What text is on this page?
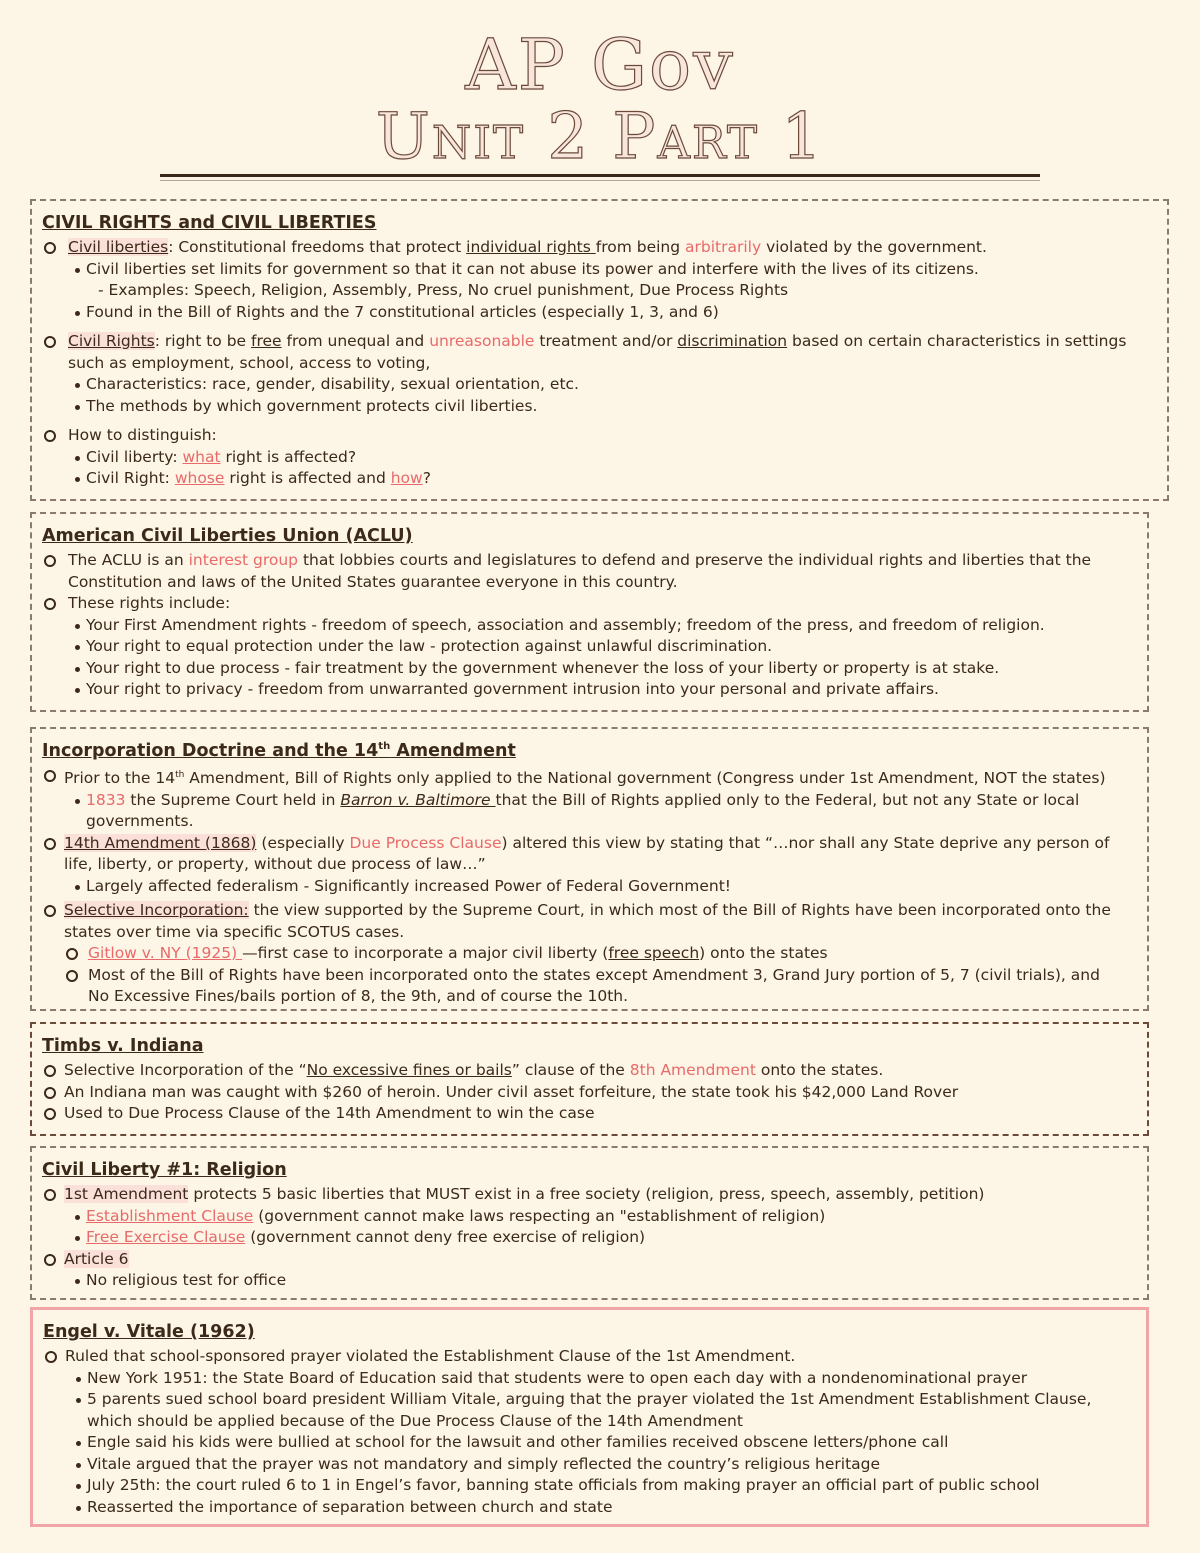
AP Gov
Unit 2 Part 1
CIVIL RIGHTS and CIVIL LIBERTIES
Civil liberties: Constitutional freedoms that protect individual rights from being arbitrarily violated by the government.
Civil liberties set limits for government so that it can not abuse its power and interfere with the lives of its citizens.
- Examples: Speech, Religion, Assembly, Press, No cruel punishment, Due Process Rights
Found in the Bill of Rights and the 7 constitutional articles (especially 1, 3, and 6)
Civil Rights: right to be free from unequal and unreasonable treatment and/or discrimination based on certain characteristics in settings
such as employment, school, access to voting,
Characteristics: race, gender, disability, sexual orientation, etc.
The methods by which government protects civil liberties.
How to distinguish:
Civil liberty: what right is affected?
Civil Right: whose right is affected and how?
American Civil Liberties Union (ACLU)
The ACLU is an interest group that lobbies courts and legislatures to defend and preserve the individual rights and liberties that the
Constitution and laws of the United States guarantee everyone in this country.
These rights include:
Your First Amendment rights - freedom of speech, association and assembly; freedom of the press, and freedom of religion.
Your right to equal protection under the law - protection against unlawful discrimination.
Your right to due process - fair treatment by the government whenever the loss of your liberty or property is at stake.
Your right to privacy - freedom from unwarranted government intrusion into your personal and private affairs.
Incorporation Doctrine and the 14th Amendment
Prior to the 14th Amendment, Bill of Rights only applied to the National government (Congress under 1st Amendment, NOT the states)
1833 the Supreme Court held in Barron v. Baltimore that the Bill of Rights applied only to the Federal, but not any State or local
governments.
14th Amendment (1868) (especially Due Process Clause) altered this view by stating that “…nor shall any State deprive any person of
life, liberty, or property, without due process of law…”
Largely affected federalism - Significantly increased Power of Federal Government!
Selective Incorporation: the view supported by the Supreme Court, in which most of the Bill of Rights have been incorporated onto the
states over time via specific SCOTUS cases.
Gitlow v. NY (1925) —first case to incorporate a major civil liberty (free speech) onto the states
Most of the Bill of Rights have been incorporated onto the states except Amendment 3, Grand Jury portion of 5, 7 (civil trials), and
No Excessive Fines/bails portion of 8, the 9th, and of course the 10th.
Timbs v. Indiana
Selective Incorporation of the “No excessive fines or bails” clause of the 8th Amendment onto the states.
An Indiana man was caught with $260 of heroin. Under civil asset forfeiture, the state took his $42,000 Land Rover
Used to Due Process Clause of the 14th Amendment to win the case
Civil Liberty #1: Religion
1st Amendment protects 5 basic liberties that MUST exist in a free society (religion, press, speech, assembly, petition)
Establishment Clause (government cannot make laws respecting an "establishment of religion)
Free Exercise Clause (government cannot deny free exercise of religion)
Article 6
No religious test for office
Engel v. Vitale (1962)
Ruled that school-sponsored prayer violated the Establishment Clause of the 1st Amendment.
New York 1951: the State Board of Education said that students were to open each day with a nondenominational prayer
5 parents sued school board president William Vitale, arguing that the prayer violated the 1st Amendment Establishment Clause,
which should be applied because of the Due Process Clause of the 14th Amendment
Engle said his kids were bullied at school for the lawsuit and other families received obscene letters/phone call
Vitale argued that the prayer was not mandatory and simply reflected the country’s religious heritage
July 25th: the court ruled 6 to 1 in Engel’s favor, banning state officials from making prayer an official part of public school
Reasserted the importance of separation between church and state
